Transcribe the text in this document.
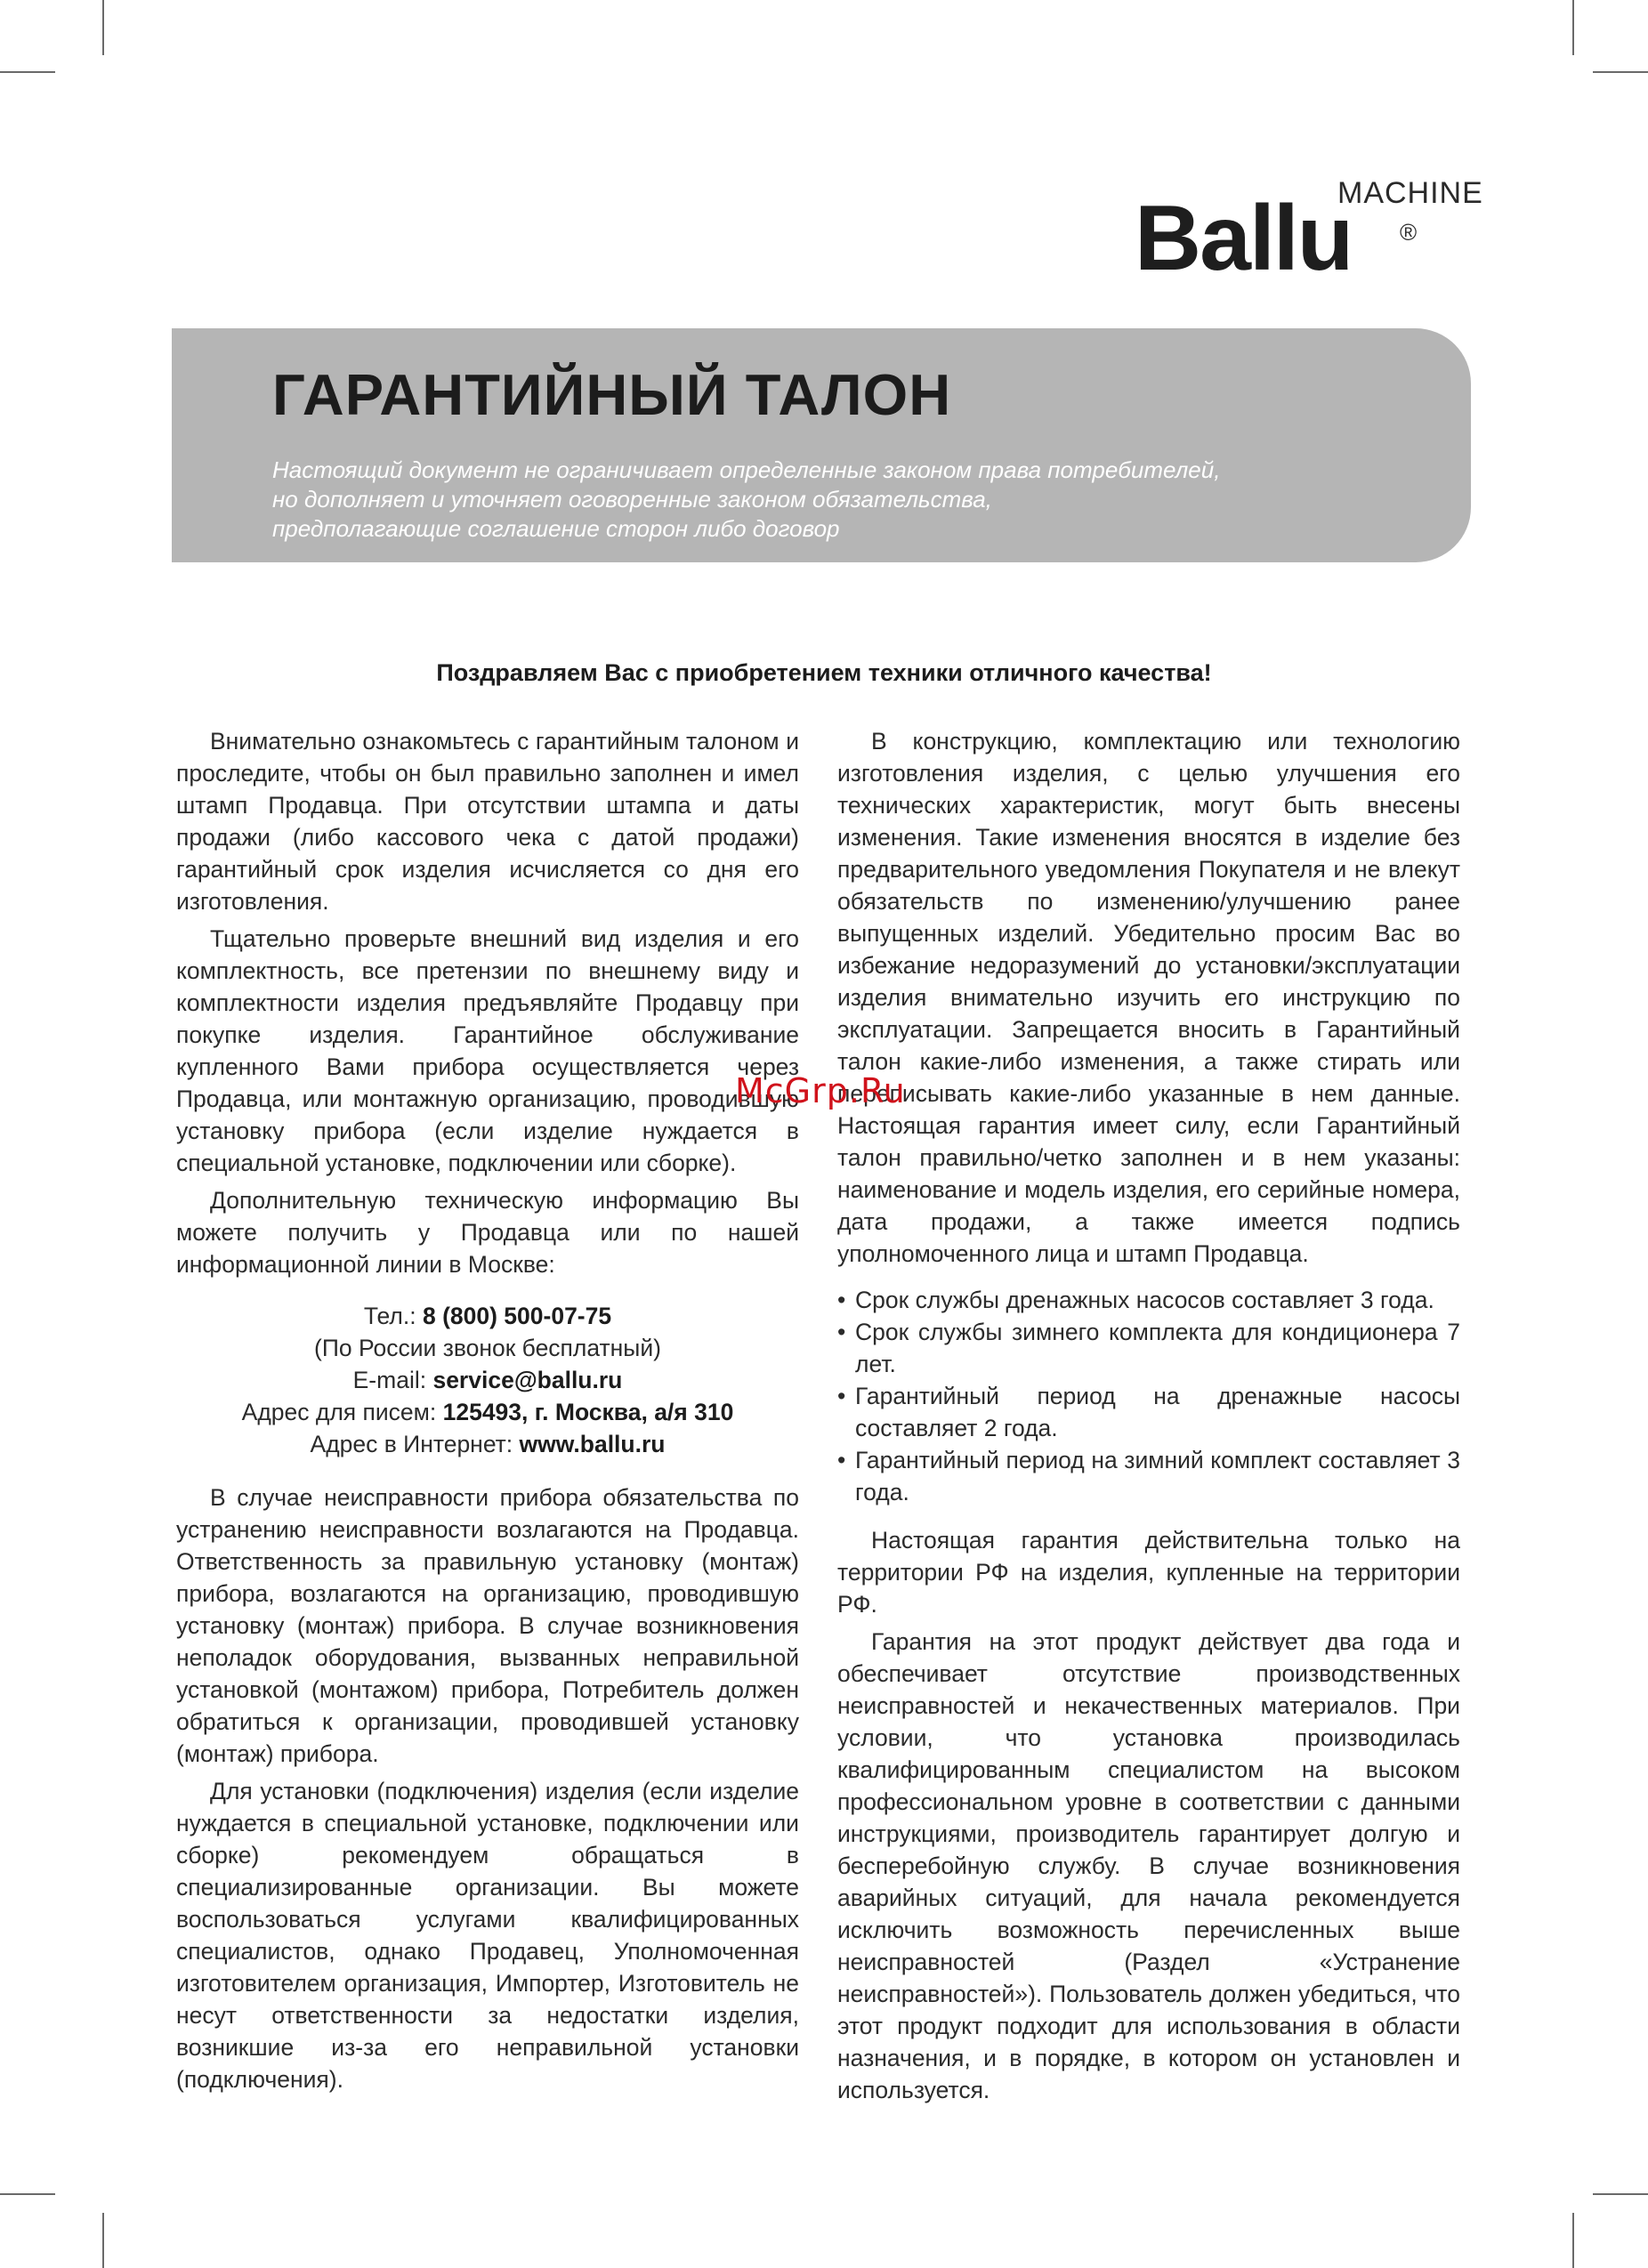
MACHINE
Ballu ®
ГАРАНТИЙНЫЙ ТАЛОН
Настоящий документ не ограничивает определенные законом права потребителей,
но дополняет и уточняет оговоренные законом обязательства,
предполагающие соглашение сторон либо договор
Поздравляем Вас с приобретением техники отличного качества!

Внимательно ознакомьтесь с гарантийным талоном и проследите, чтобы он был правильно заполнен и имел штамп Продавца. При отсутствии штампа и даты продажи (либо кассового чека с датой продажи) гарантийный срок изделия исчисляется со дня его изготовления.

Тщательно проверьте внешний вид изделия и его комплектность, все претензии по внешнему виду и комплектности изделия предъявляйте Продавцу при покупке изделия. Гарантийное обслуживание купленного Вами прибора осуществляется через Продавца, или монтажную организацию, проводившую установку прибора (если изделие нуждается в специальной установке, подключении или сборке).

Дополнительную техническую информацию Вы можете получить у Продавца или по нашей информационной линии в Москве:

Тел.: 8 (800) 500-07-75
(По России звонок бесплатный)
E-mail: service@ballu.ru
Адрес для писем: 125493, г. Москва, а/я 310
Адрес в Интернет: www.ballu.ru

В случае неисправности прибора обязательства по устранению неисправности возлагаются на Продавца. Ответственность за правильную установку (монтаж) прибора, возлагаются на организацию, проводившую установку (монтаж) прибора. В случае возникновения неполадок оборудования, вызванных неправильной установкой (монтажом) прибора, Потребитель должен обратиться к организации, проводившей установку (монтаж) прибора.

Для установки (подключения) изделия (если изделие нуждается в специальной установке, подключении или сборке) рекомендуем обращаться в специализированные организации. Вы можете воспользоваться услугами квалифицированных специалистов, однако Продавец, Уполномоченная изготовителем организация, Импортер, Изготовитель не несут ответственности за недостатки изделия, возникшие из-за его неправильной установки (подключения).

В конструкцию, комплектацию или технологию изготовления изделия, с целью улучшения его технических характеристик, могут быть внесены изменения. Такие изменения вносятся в изделие без предварительного уведомления Покупателя и не влекут обязательств по изменению/улучшению ранее выпущенных изделий. Убедительно просим Вас во избежание недоразумений до установки/эксплуатации изделия внимательно изучить его инструкцию по эксплуатации. Запрещается вносить в Гарантийный талон какие-либо изменения, а также стирать или переписывать какие-либо указанные в нем данные. Настоящая гарантия имеет силу, если Гарантийный талон правильно/четко заполнен и в нем указаны: наименование и модель изделия, его серийные номера, дата продажи, а также имеется подпись уполномоченного лица и штамп Продавца.

• Срок службы дренажных насосов составляет 3 года.
• Срок службы зимнего комплекта для кондиционера 7 лет.
• Гарантийный период на дренажные насосы составляет 2 года.
• Гарантийный период на зимний комплект составляет 3 года.

Настоящая гарантия действительна только на территории РФ на изделия, купленные на территории РФ.

Гарантия на этот продукт действует два года и обеспечивает отсутствие производственных неисправностей и некачественных материалов. При условии, что установка производилась квалифицированным специалистом на высоком профессиональном уровне в соответствии с данными инструкциями, производитель гарантирует долгую и бесперебойную службу. В случае возникновения аварийных ситуаций, для начала рекомендуется исключить возможность перечисленных выше неисправностей (Раздел «Устранение неисправностей»). Пользователь должен убедиться, что этот продукт подходит для использования в области назначения, и в порядке, в котором он установлен и используется.

McGrp.Ru
